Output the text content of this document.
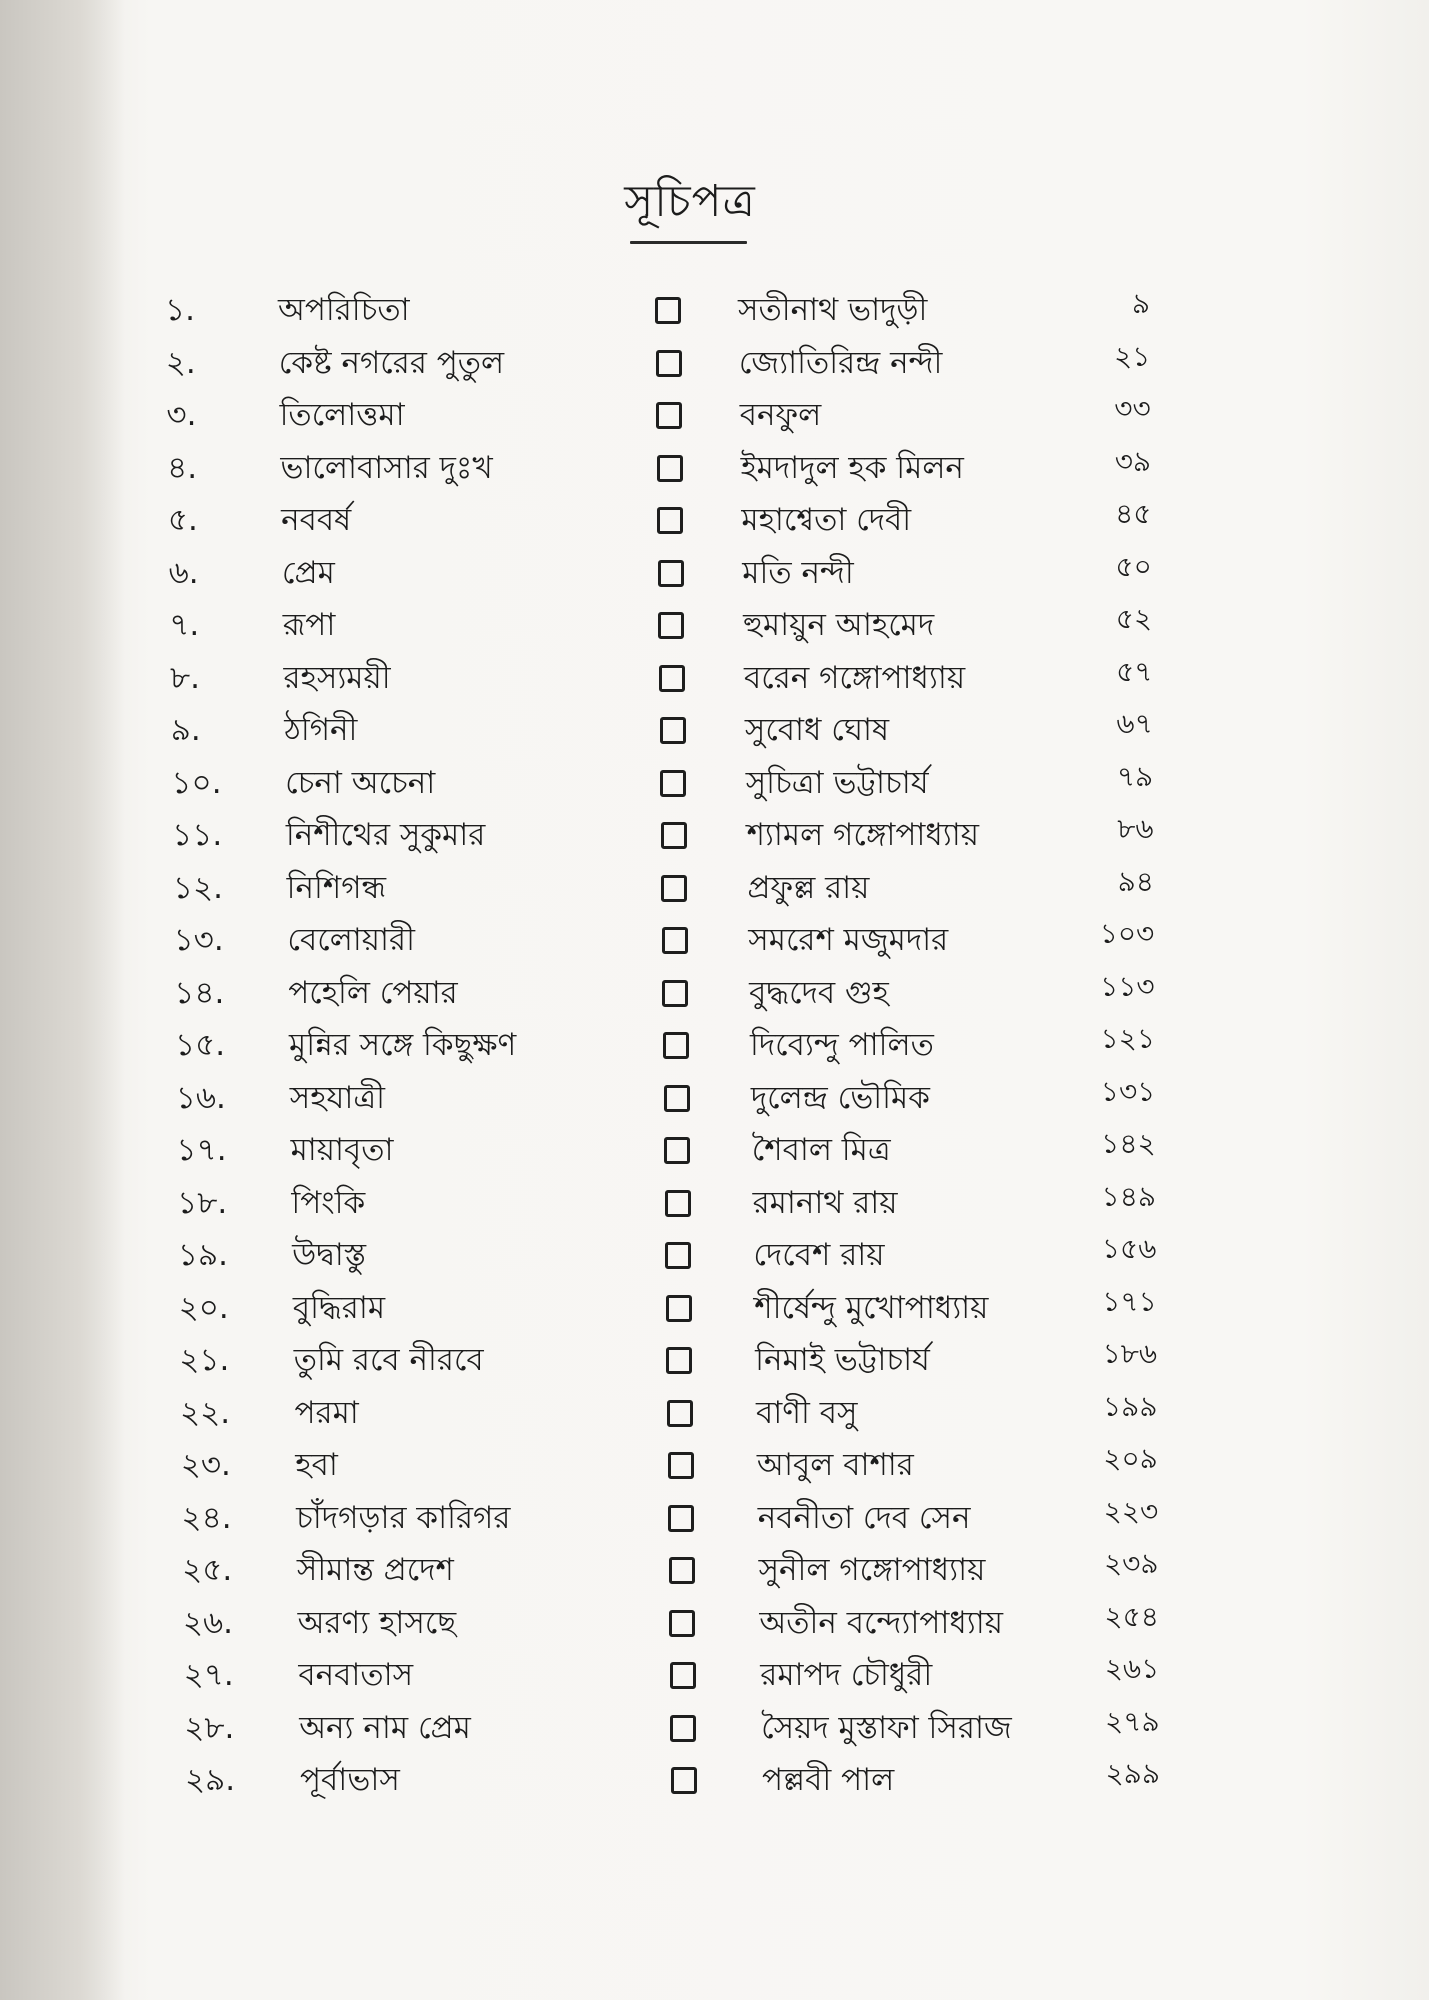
সূচিপত্র
১.	অপরিচিতা	সতীনাথ ভাদুড়ী	৯
২.	কেষ্ট নগরের পুতুল	জ্যোতিরিন্দ্র নন্দী	২১
৩.	তিলোত্তমা	বনফুল	৩৩
৪.	ভালোবাসার দুঃখ	ইমদাদুল হক মিলন	৩৯
৫.	নববর্ষ	মহাশ্বেতা দেবী	৪৫
৬.	প্রেম	মতি নন্দী	৫০
৭.	রূপা	হুমায়ুন আহমেদ	৫২
৮.	রহস্যময়ী	বরেন গঙ্গোপাধ্যায়	৫৭
৯.	ঠগিনী	সুবোধ ঘোষ	৬৭
১০.	চেনা অচেনা	সুচিত্রা ভট্টাচার্য	৭৯
১১.	নিশীথের সুকুমার	শ্যামল গঙ্গোপাধ্যায়	৮৬
১২.	নিশিগন্ধ	প্রফুল্ল রায়	৯৪
১৩.	বেলোয়ারী	সমরেশ মজুমদার	১০৩
১৪.	পহেলি পেয়ার	বুদ্ধদেব গুহ	১১৩
১৫.	মুন্নির সঙ্গে কিছুক্ষণ	দিব্যেন্দু পালিত	১২১
১৬.	সহযাত্রী	দুলেন্দ্র ভৌমিক	১৩১
১৭.	মায়াবৃতা	শৈবাল মিত্র	১৪২
১৮.	পিংকি	রমানাথ রায়	১৪৯
১৯.	উদ্বাস্তু	দেবেশ রায়	১৫৬
২০.	বুদ্ধিরাম	শীর্ষেন্দু মুখোপাধ্যায়	১৭১
২১.	তুমি রবে নীরবে	নিমাই ভট্টাচার্য	১৮৬
২২.	পরমা	বাণী বসু	১৯৯
২৩.	হবা	আবুল বাশার	২০৯
২৪.	চাঁদগড়ার কারিগর	নবনীতা দেব সেন	২২৩
২৫.	সীমান্ত প্রদেশ	সুনীল গঙ্গোপাধ্যায়	২৩৯
২৬.	অরণ্য হাসছে	অতীন বন্দ্যোপাধ্যায়	২৫৪
২৭.	বনবাতাস	রমাপদ চৌধুরী	২৬১
২৮.	অন্য নাম প্রেম	সৈয়দ মুস্তাফা সিরাজ	২৭৯
২৯.	পূর্বাভাস	পল্লবী পাল	২৯৯
